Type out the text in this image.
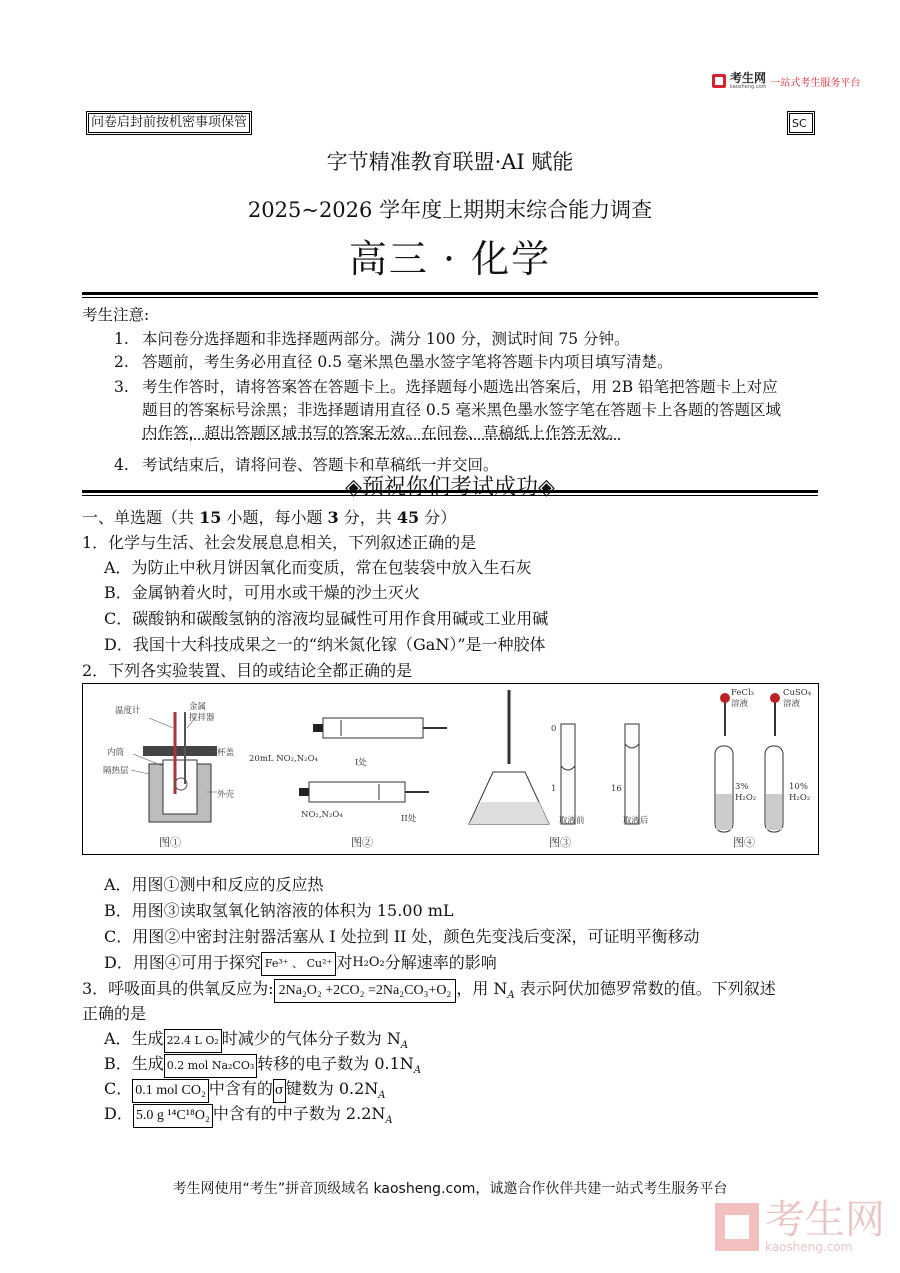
考生网
kaosheng.com 一站式考生服务平台
问卷启封前按机密事项保管	SC
字节精准教育联盟·AI 赋能
2025~2026 学年度上期期末综合能力调查
高三 · 化学
考生注意:
1. 本问卷分选择题和非选择题两部分。满分 100 分，测试时间 75 分钟。
2. 答题前，考生务必用直径 0.5 毫米黑色墨水签字笔将答题卡内项目填写清楚。
3. 考生作答时，请将答案答在答题卡上。选择题每小题选出答案后，用 2B 铅笔把答题卡上对应
题目的答案标号涂黑；非选择题请用直径 0.5 毫米黑色墨水签字笔在答题卡上各题的答题区域
内作答，超出答题区域书写的答案无效。在问卷、草稿纸上作答无效。
4. 考试结束后，请将问卷、答题卡和草稿纸一并交回。
◈预祝你们考试成功◈
一、单选题（共 15 小题，每小题 3 分，共 45 分）
1．化学与生活、社会发展息息相关，下列叙述正确的是
A．为防止中秋月饼因氧化而变质，常在包装袋中放入生石灰
B．金属钠着火时，可用水或干燥的沙土灭火
C．碳酸钠和碳酸氢钠的溶液均显碱性可用作食用碱或工业用碱
D．我国十大科技成果之一的“纳米氮化镓（GaN）”是一种胶体
2．下列各实验装置、目的或结论全都正确的是
温度计	金属
搅拌器
内筒
隔热层
杯盖
外壳
图①
20mL NO₂,N₂O₄	I处
NO₂,N₂O₄	II处
图②
0
1	16
取液前	取液后
图③
FeCl₃
溶液
CuSO₄
溶液
3%
H₂O₂
10%
H₂O₂
图④
A．用图①测中和反应的反应热
B．用图③读取氢氧化钠溶液的体积为 15.00 mL
C．用图②中密封注射器活塞从 I 处拉到 II 处，颜色先变浅后变深，可证明平衡移动
D．用图④可用于探究 Fe³⁺ 、 Cu²⁺ 对$^{H_2O_2}$分解速率的影响
3．呼吸面具的供氧反应为: 2Na₂O₂ +2CO₂ =2Na₂CO₃+O₂ ，用 $N_A$ 表示阿伏加德罗常数的值。下列叙述
正确的是
A．生成 22.4 L O₂ 时减少的气体分子数为 $N_A$
B．生成 0.2 mol Na₂CO₃ 转移的电子数为 $0.1N_A$
C． 0.1 mol CO₂ 中含有的 σ 键数为 $0.2N_A$
D． 5.0 g ¹⁴C¹⁸O₂ 中含有的中子数为 $2.2N_A$
考生网使用“考生”拼音顶级域名 kaosheng.com，诚邀合作伙伴共建一站式考生服务平台
考生网
kaosheng.com
